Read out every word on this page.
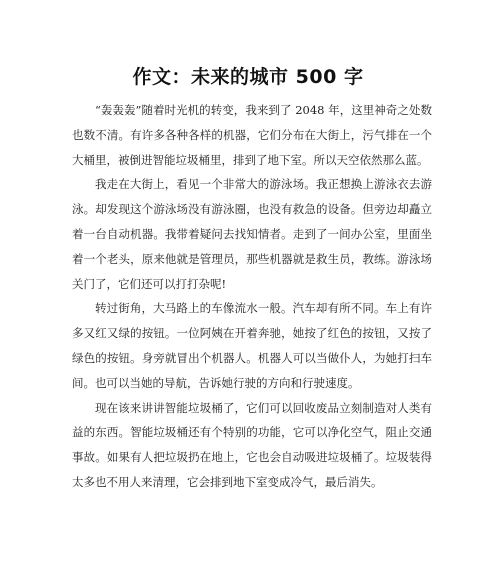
作文：未来的城市 500 字

“轰轰轰”随着时光机的转变，我来到了 2048 年，这里神奇之处数也数不清。有许多各种各样的机器，它们分布在大街上，污气排在一个大桶里，被倒进智能垃圾桶里，排到了地下室。所以天空依然那么蓝。

我走在大街上，看见一个非常大的游泳场。我正想换上游泳衣去游泳。却发现这个游泳场没有游泳圈，也没有救急的设备。但旁边却矗立着一台自动机器。我带着疑问去找知情者。走到了一间办公室，里面坐着一个老头，原来他就是管理员，那些机器就是救生员，教练。游泳场关门了，它们还可以打打杂呢!

转过街角，大马路上的车像流水一般。汽车却有所不同。车上有许多又红又绿的按钮。一位阿姨在开着奔驰，她按了红色的按钮，又按了绿色的按钮。身旁就冒出个机器人。机器人可以当做仆人，为她打扫车间。也可以当她的导航，告诉她行驶的方向和行驶速度。

现在该来讲讲智能垃圾桶了，它们可以回收废品立刻制造对人类有益的东西。智能垃圾桶还有个特别的功能，它可以净化空气，阻止交通事故。如果有人把垃圾扔在地上，它也会自动吸进垃圾桶了。垃圾装得太多也不用人来清理，它会排到地下室变成冷气，最后消失。
